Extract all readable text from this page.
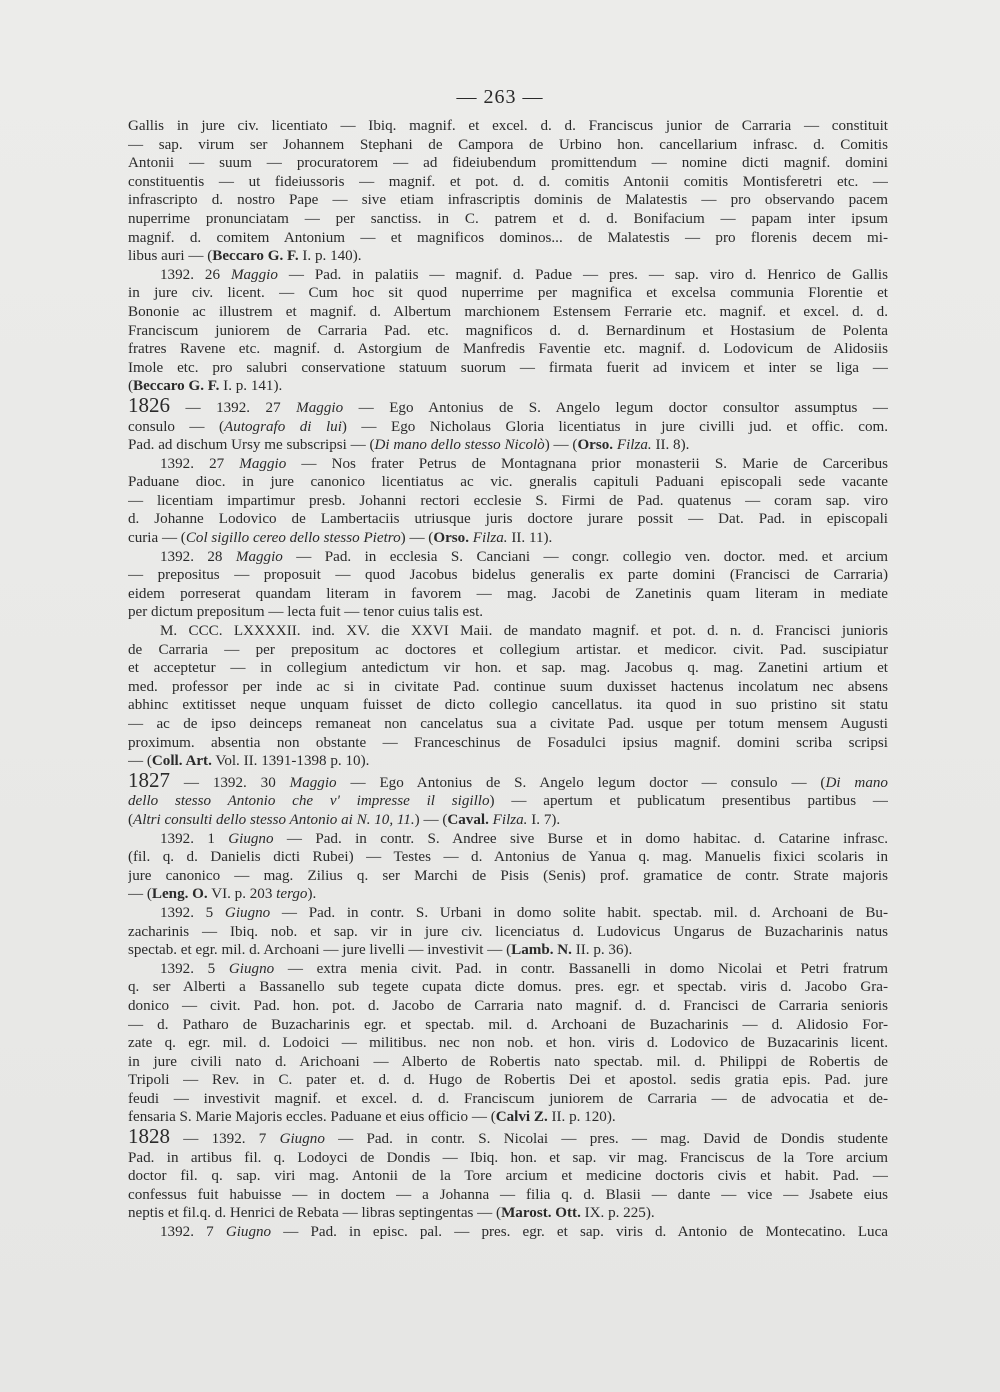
— 263 —
Gallis in jure civ. licentiato — Ibiq. magnif. et excel. d. d. Franciscus junior de Carraria — constituit
— sap. virum ser Johannem Stephani de Campora de Urbino hon. cancellarium infrasc. d. Comitis
Antonii — suum — procuratorem — ad fideiubendum promittendum — nomine dicti magnif. domini
constituentis — ut fideiussoris — magnif. et pot. d. d. comitis Antonii comitis Montisferetri etc. —
infrascripto d. nostro Pape — sive etiam infrascriptis dominis de Malatestis — pro observando pacem
nuperrime pronunciatam — per sanctiss. in C. patrem et d. d. Bonifacium — papam inter ipsum
magnif. d. comitem Antonium — et magnificos dominos... de Malatestis — pro florenis decem mi-
libus auri — (Beccaro G. F. I. p. 140).
1392. 26 Maggio — Pad. in palatiis — magnif. d. Padue — pres. — sap. viro d. Henrico de Gallis
in jure civ. licent. — Cum hoc sit quod nuperrime per magnifica et excelsa communia Florentie et
Bononie ac illustrem et magnif. d. Albertum marchionem Estensem Ferrarie etc. magnif. et excel. d. d.
Franciscum juniorem de Carraria Pad. etc. magnificos d. d. Bernardinum et Hostasium de Polenta
fratres Ravene etc. magnif. d. Astorgium de Manfredis Faventie etc. magnif. d. Lodovicum de Alidosiis
Imole etc. pro salubri conservatione statuum suorum — firmata fuerit ad invicem et inter se liga —
(Beccaro G. F. I. p. 141).
1826 — 1392. 27 Maggio — Ego Antonius de S. Angelo legum doctor consultor assumptus —
consulo — (Autografo di lui) — Ego Nicholaus Gloria licentiatus in jure civilli jud. et offic. com.
Pad. ad dischum Ursy me subscripsi — (Di mano dello stesso Nicolò) — (Orso. Filza. II. 8).
1392. 27 Maggio — Nos frater Petrus de Montagnana prior monasterii S. Marie de Carceribus
Paduane dioc. in jure canonico licentiatus ac vic. gneralis capituli Paduani episcopali sede vacante
— licentiam impartimur presb. Johanni rectori ecclesie S. Firmi de Pad. quatenus — coram sap. viro
d. Johanne Lodovico de Lambertaciis utriusque juris doctore jurare possit — Dat. Pad. in episcopali
curia — (Col sigillo cereo dello stesso Pietro) — (Orso. Filza. II. 11).
1392. 28 Maggio — Pad. in ecclesia S. Canciani — congr. collegio ven. doctor. med. et arcium
— prepositus — proposuit — quod Jacobus bidelus generalis ex parte domini (Francisci de Carraria)
eidem porreserat quandam literam in favorem — mag. Jacobi de Zanetinis quam literam in mediate
per dictum prepositum — lecta fuit — tenor cuius talis est.
M. CCC. LXXXXII. ind. XV. die XXVI Maii. de mandato magnif. et pot. d. n. d. Francisci junioris
de Carraria — per prepositum ac doctores et collegium artistar. et medicor. civit. Pad. suscipiatur
et acceptetur — in collegium antedictum vir hon. et sap. mag. Jacobus q. mag. Zanetini artium et
med. professor per inde ac si in civitate Pad. continue suum duxisset hactenus incolatum nec absens
abhinc extitisset neque unquam fuisset de dicto collegio cancellatus. ita quod in suo pristino sit statu
— ac de ipso deinceps remaneat non cancelatus sua a civitate Pad. usque per totum mensem Augusti
proximum. absentia non obstante — Franceschinus de Fosadulci ipsius magnif. domini scriba scripsi
— (Coll. Art. Vol. II. 1391-1398 p. 10).
1827 — 1392. 30 Maggio — Ego Antonius de S. Angelo legum doctor — consulo — (Di mano
dello stesso Antonio che v' impresse il sigillo) — apertum et publicatum presentibus partibus —
(Altri consulti dello stesso Antonio ai N. 10, 11.) — (Caval. Filza. I. 7).
1392. 1 Giugno — Pad. in contr. S. Andree sive Burse et in domo habitac. d. Catarine infrasc.
(fil. q. d. Danielis dicti Rubei) — Testes — d. Antonius de Yanua q. mag. Manuelis fixici scolaris in
jure canonico — mag. Zilius q. ser Marchi de Pisis (Senis) prof. gramatice de contr. Strate majoris
— (Leng. O. VI. p. 203 tergo).
1392. 5 Giugno — Pad. in contr. S. Urbani in domo solite habit. spectab. mil. d. Archoani de Bu-
zacharinis — Ibiq. nob. et sap. vir in jure civ. licenciatus d. Ludovicus Ungarus de Buzacharinis natus
spectab. et egr. mil. d. Archoani — jure livelli — investivit — (Lamb. N. II. p. 36).
1392. 5 Giugno — extra menia civit. Pad. in contr. Bassanelli in domo Nicolai et Petri fratrum
q. ser Alberti a Bassanello sub tegete cupata dicte domus. pres. egr. et spectab. viris d. Jacobo Gra-
donico — civit. Pad. hon. pot. d. Jacobo de Carraria nato magnif. d. d. Francisci de Carraria senioris
— d. Patharo de Buzacharinis egr. et spectab. mil. d. Archoani de Buzacharinis — d. Alidosio For-
zate q. egr. mil. d. Lodoici — militibus. nec non nob. et hon. viris d. Lodovico de Buzacarinis licent.
in jure civili nato d. Arichoani — Alberto de Robertis nato spectab. mil. d. Philippi de Robertis de
Tripoli — Rev. in C. pater et. d. d. Hugo de Robertis Dei et apostol. sedis gratia epis. Pad. jure
feudi — investivit magnif. et excel. d. d. Franciscum juniorem de Carraria — de advocatia et de-
fensaria S. Marie Majoris eccles. Paduane et eius officio — (Calvi Z. II. p. 120).
1828 — 1392. 7 Giugno — Pad. in contr. S. Nicolai — pres. — mag. David de Dondis studente
Pad. in artibus fil. q. Lodoyci de Dondis — Ibiq. hon. et sap. vir mag. Franciscus de la Tore arcium
doctor fil. q. sap. viri mag. Antonii de la Tore arcium et medicine doctoris civis et habit. Pad. —
confessus fuit habuisse — in doctem — a Johanna — filia q. d. Blasii — dante — vice — Jsabete eius
neptis et fil.q. d. Henrici de Rebata — libras septingentas — (Marost. Ott. IX. p. 225).
1392. 7 Giugno — Pad. in episc. pal. — pres. egr. et sap. viris d. Antonio de Montecatino. Luca
